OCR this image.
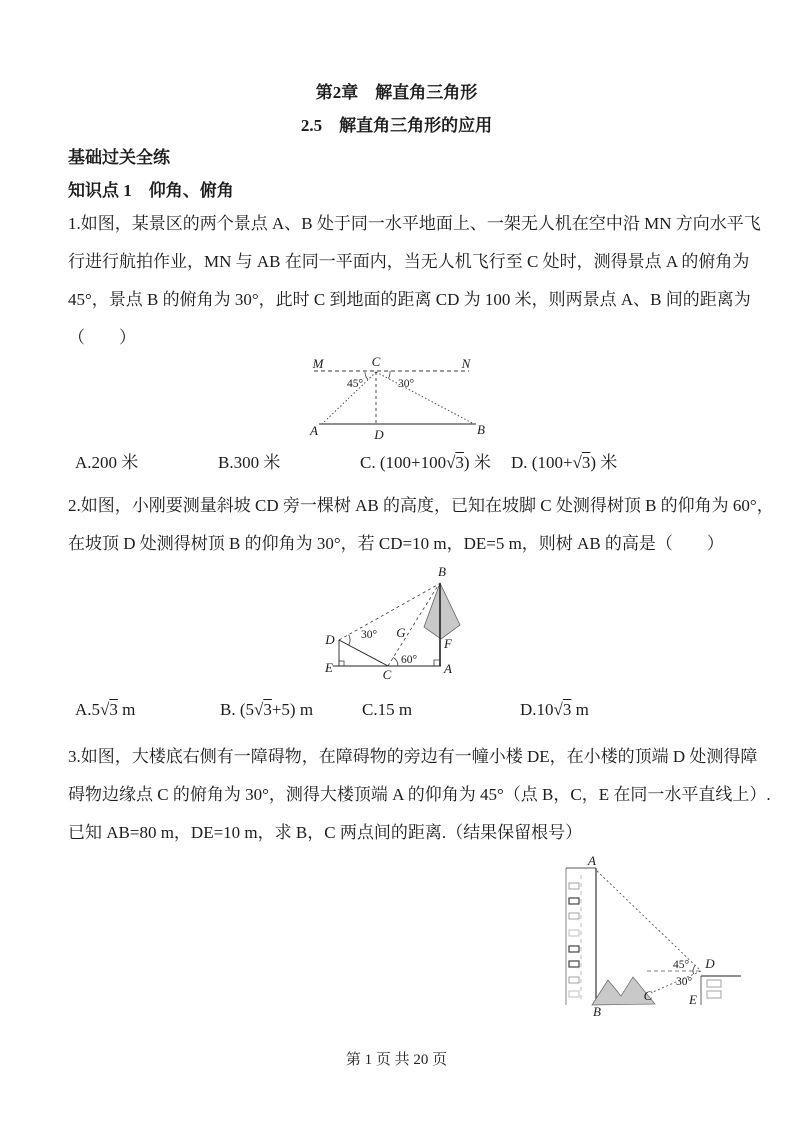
第2章　解直角三角形
2.5　解直角三角形的应用
基础过关全练
知识点 1　仰角、俯角
1.如图，某景区的两个景点 A、B 处于同一水平地面上、一架无人机在空中沿 MN 方向水平飞
行进行航拍作业，MN 与 AB 在同一平面内，当无人机飞行至 C 处时，测得景点 A 的俯角为
45°，景点 B 的俯角为 30°，此时 C 到地面的距离 CD 为 100 米，则两景点 A、B 间的距离为
（　　）
M	C	N
45°	30°
A	D	B
A.200 米	B.300 米	C. (100+100√3) 米 D. (100+√3) 米
2.如图，小刚要测量斜坡 CD 旁一棵树 AB 的高度，已知在坡脚 C 处测得树顶 B 的仰角为 60°，
在坡顶 D 处测得树顶 B 的仰角为 30°，若 CD=10 m，DE=5 m，则树 AB 的高是（　　）
B
D
E	C	A
F
G
30°
60°
A.5√3 m	B. (5√3+5) m	C.15 m	D.10√3 m
3.如图，大楼底右侧有一障碍物，在障碍物的旁边有一幢小楼 DE，在小楼的顶端 D 处测得障
碍物边缘点 C 的俯角为 30°，测得大楼顶端 A 的仰角为 45°（点 B，C，E 在同一水平直线上）.
已知 AB=80 m，DE=10 m，求 B，C 两点间的距离.（结果保留根号）
A
B
45°
30°
D
C	E
第 1 页 共 20 页
